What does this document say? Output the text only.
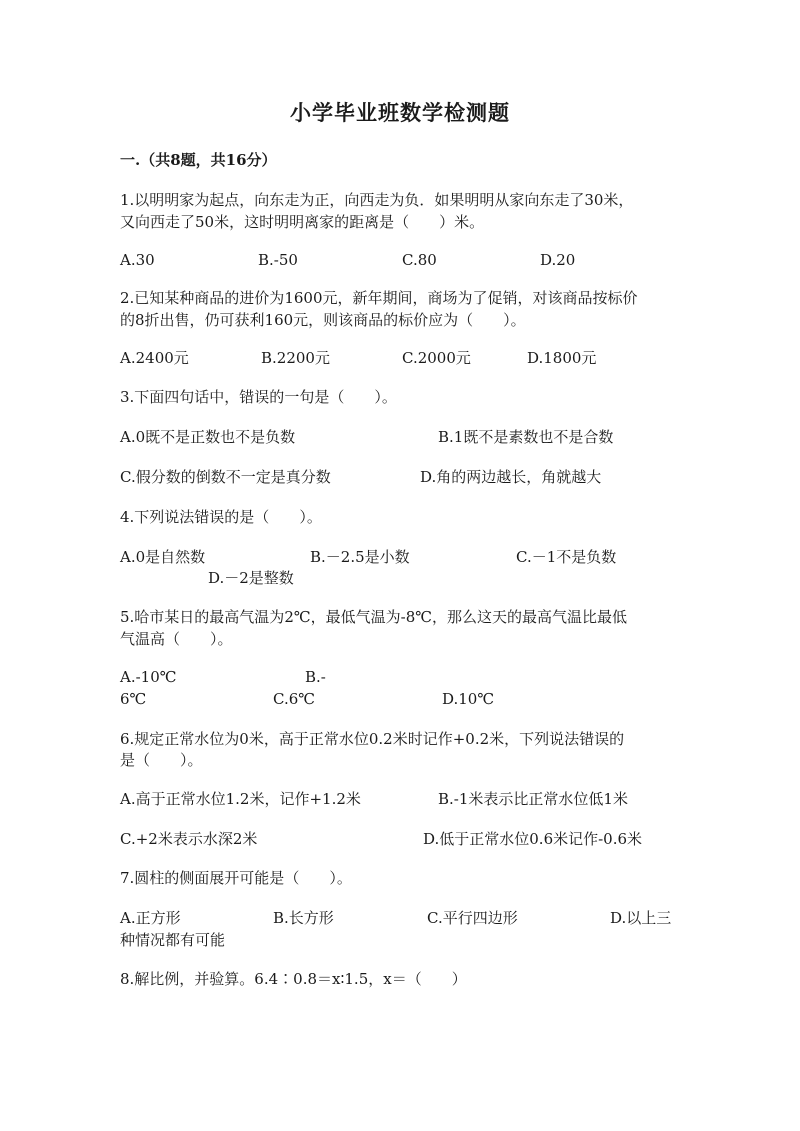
小学毕业班数学检测题
一.（共8题，共16分）
1.以明明家为起点，向东走为正，向西走为负．如果明明从家向东走了30米，
又向西走了50米，这时明明离家的距离是（　　）米。
A.30	B.-50	C.80	D.20
2.已知某种商品的进价为1600元，新年期间，商场为了促销，对该商品按标价
的8折出售，仍可获利160元，则该商品的标价应为（　　）。
A.2400元	B.2200元	C.2000元	D.1800元
3.下面四句话中，错误的一句是（　　）。
A.0既不是正数也不是负数	B.1既不是素数也不是合数
C.假分数的倒数不一定是真分数	D.角的两边越长，角就越大
4.下列说法错误的是（　　）。
A.0是自然数	B.－2.5是小数	C.－1不是负数
D.－2是整数
5.哈市某日的最高气温为2℃，最低气温为-8℃，那么这天的最高气温比最低
气温高（　　）。
A.-10℃	B.-
6℃	C.6℃	D.10℃
6.规定正常水位为0米，高于正常水位0.2米时记作+0.2米，下列说法错误的
是（　　）。
A.高于正常水位1.2米，记作+1.2米	B.-1米表示比正常水位低1米
C.+2米表示水深2米	D.低于正常水位0.6米记作-0.6米
7.圆柱的侧面展开可能是（　　）。
A.正方形	B.长方形	C.平行四边形	D.以上三
种情况都有可能
8.解比例，并验算。6.4∶0.8＝x∶1.5，x＝（　　）
